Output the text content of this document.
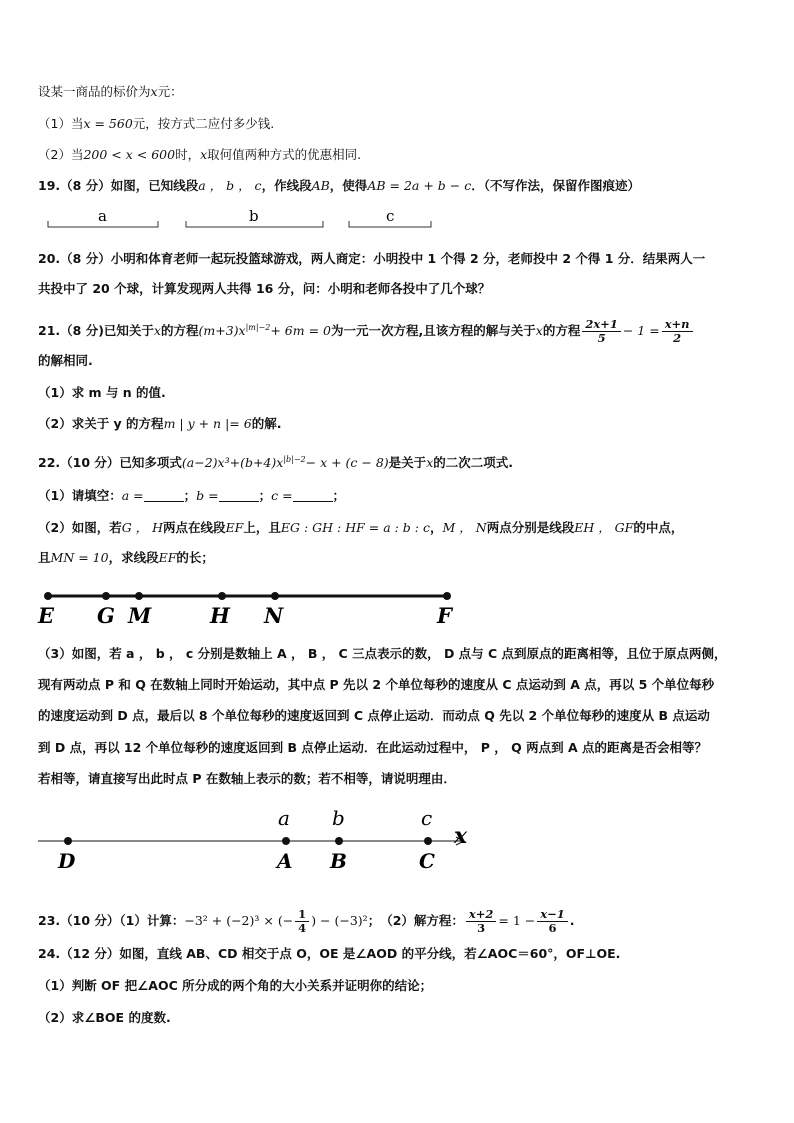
设某一商品的标价为x元：
（1）当x = 560元，按方式二应付多少钱.
（2）当200 < x < 600时，x取何值两种方式的优惠相同.
19.（8 分）如图，已知线段a ， b ， c，作线段AB，使得AB = 2a + b − c．（不写作法，保留作图痕迹）
a	b	c
20.（8 分）小明和体育老师一起玩投篮球游戏，两人商定：小明投中 1 个得 2 分，老师投中 2 个得 1 分．结果两人一
共投中了 20 个球，计算发现两人共得 16 分，问：小明和老师各投中了几个球？
21.（8 分)已知关于x的方程$(m+3)x^{|m|-2}+ 6m = 0$为一元一次方程,且该方程的解与关于x的方程 $\frac{2x+1}{5} - 1 = \frac{x+n}{2}$
的解相同.
（1）求 m 与 n 的值.
（2）求关于 y 的方程m | y + n |= 6的解.
22.（10 分）已知多项式$(a-2)x^3+(b+4)x^{|b|-2}- x + (c - 8)$是关于x的二次二项式.
（1）请填空：a =	；b =	；c =	；
（2）如图，若G ， H两点在线段EF上，且EG : GH : HF = a : b : c，M ， N两点分别是线段EH ， GF的中点，
且MN = 10，求线段EF的长；
E G M	H N	F
（3）如图，若 a ， b ， c 分别是数轴上 A ， B ， C 三点表示的数， D 点与 C 点到原点的距离相等，且位于原点两侧，
现有两动点 P 和 Q 在数轴上同时开始运动，其中点 P 先以 2 个单位每秒的速度从 C 点运动到 A 点，再以 5 个单位每秒
的速度运动到 D 点，最后以 8 个单位每秒的速度返回到 C 点停止运动．而动点 Q 先以 2 个单位每秒的速度从 B 点运动
到 D 点，再以 12 个单位每秒的速度返回到 B 点停止运动．在此运动过程中， P ， Q 两点到 A 点的距离是否会相等？
若相等，请直接写出此时点 P 在数轴上表示的数；若不相等，请说明理由．
a b	c
x
D	A B	C
23.（10 分）（1）计算：−3² + (−2)³ × (− $\frac{1}{4}$ ) − (−3)²；　（2）解方程： $\frac{x+2}{3} = 1 - \frac{x-1}{6}$ .
24.（12 分）如图，直线 AB、CD 相交于点 O，OE 是∠AOD 的平分线，若∠AOC＝60°，OF⊥OE.
（1）判断 OF 把∠AOC 所分成的两个角的大小关系并证明你的结论；
（2）求∠BOE 的度数.
